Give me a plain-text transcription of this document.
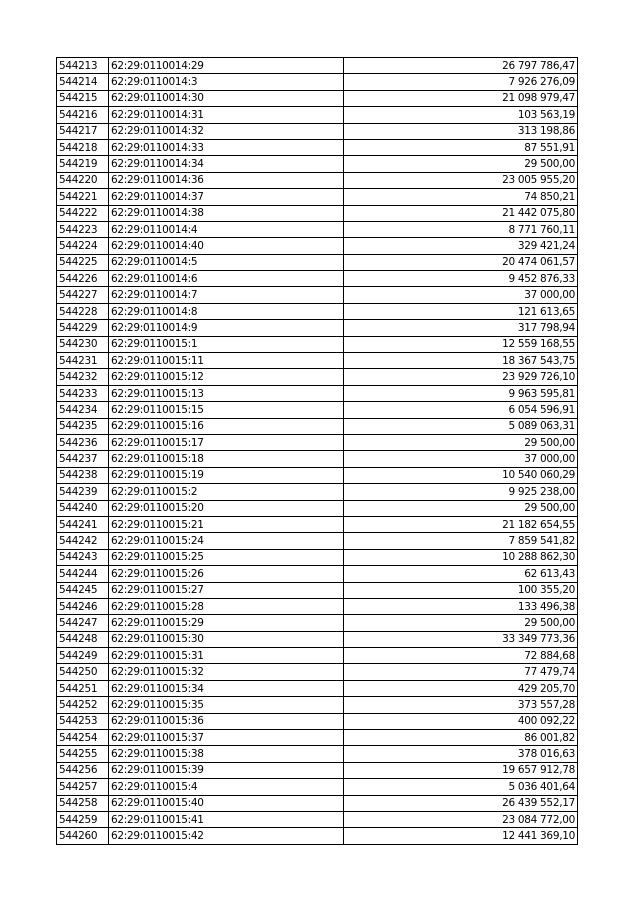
544213	62:29:0110014:29	26 797 786,47
544214	62:29:0110014:3	7 926 276,09
544215	62:29:0110014:30	21 098 979,47
544216	62:29:0110014:31	103 563,19
544217	62:29:0110014:32	313 198,86
544218	62:29:0110014:33	87 551,91
544219	62:29:0110014:34	29 500,00
544220	62:29:0110014:36	23 005 955,20
544221	62:29:0110014:37	74 850,21
544222	62:29:0110014:38	21 442 075,80
544223	62:29:0110014:4	8 771 760,11
544224	62:29:0110014:40	329 421,24
544225	62:29:0110014:5	20 474 061,57
544226	62:29:0110014:6	9 452 876,33
544227	62:29:0110014:7	37 000,00
544228	62:29:0110014:8	121 613,65
544229	62:29:0110014:9	317 798,94
544230	62:29:0110015:1	12 559 168,55
544231	62:29:0110015:11	18 367 543,75
544232	62:29:0110015:12	23 929 726,10
544233	62:29:0110015:13	9 963 595,81
544234	62:29:0110015:15	6 054 596,91
544235	62:29:0110015:16	5 089 063,31
544236	62:29:0110015:17	29 500,00
544237	62:29:0110015:18	37 000,00
544238	62:29:0110015:19	10 540 060,29
544239	62:29:0110015:2	9 925 238,00
544240	62:29:0110015:20	29 500,00
544241	62:29:0110015:21	21 182 654,55
544242	62:29:0110015:24	7 859 541,82
544243	62:29:0110015:25	10 288 862,30
544244	62:29:0110015:26	62 613,43
544245	62:29:0110015:27	100 355,20
544246	62:29:0110015:28	133 496,38
544247	62:29:0110015:29	29 500,00
544248	62:29:0110015:30	33 349 773,36
544249	62:29:0110015:31	72 884,68
544250	62:29:0110015:32	77 479,74
544251	62:29:0110015:34	429 205,70
544252	62:29:0110015:35	373 557,28
544253	62:29:0110015:36	400 092,22
544254	62:29:0110015:37	86 001,82
544255	62:29:0110015:38	378 016,63
544256	62:29:0110015:39	19 657 912,78
544257	62:29:0110015:4	5 036 401,64
544258	62:29:0110015:40	26 439 552,17
544259	62:29:0110015:41	23 084 772,00
544260	62:29:0110015:42	12 441 369,10
